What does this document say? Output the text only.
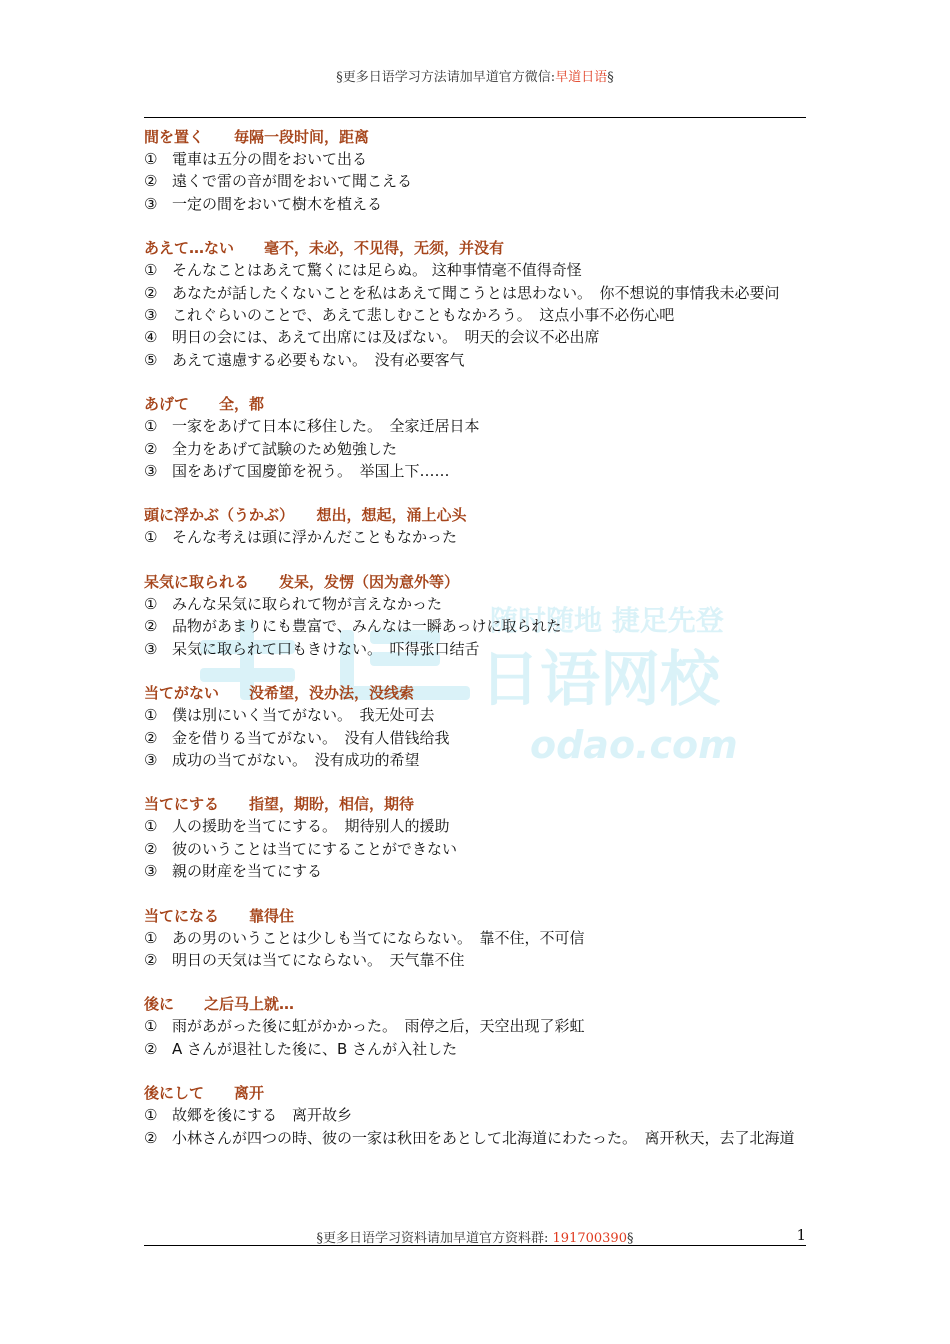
§更多日语学习方法请加早道官方微信:早道日语§
随时随地 捷足先登
日语网校
odao.com
間を置く　　毎隔一段时间，距离
① 電車は五分の間をおいて出る
② 遠くで雷の音が間をおいて聞こえる
③ 一定の間をおいて樹木を植える
あえて…ない　　毫不，未必，不见得，无须，并没有
① そんなことはあえて驚くには足らぬ。 这种事情毫不值得奇怪
② あなたが話したくないことを私はあえて聞こうとは思わない。　你不想说的事情我未必要问
③ これぐらいのことで、あえて悲しむこともなかろう。　这点小事不必伤心吧
④ 明日の会には、あえて出席には及ばない。　明天的会议不必出席
⑤ あえて遠慮する必要もない。　没有必要客气
あげて　　全，都
① 一家をあげて日本に移住した。　全家迁居日本
② 全力をあげて試験のため勉強した
③ 国をあげて国慶節を祝う。　举国上下……
頭に浮かぶ（うかぶ）　　想出，想起，涌上心头
① そんな考えは頭に浮かんだこともなかった
呆気に取られる　　发呆，发愣（因为意外等）
① みんな呆気に取られて物が言えなかった
② 品物があまりにも豊富で、みんなは一瞬あっけに取られた
③ 呆気に取られて口もきけない。　吓得张口结舌
当てがない　　没希望，没办法，没线索
① 僕は別にいく当てがない。　我无处可去
② 金を借りる当てがない。　没有人借钱给我
③ 成功の当てがない。　没有成功的希望
当てにする　　指望，期盼，相信，期待
① 人の援助を当てにする。　期待别人的援助
② 彼のいうことは当てにすることができない
③ 親の財産を当てにする
当てになる　　靠得住
① あの男のいうことは少しも当てにならない。　靠不住，不可信
② 明日の天気は当てにならない。　天气靠不住
後に　　之后马上就…
① 雨があがった後に虹がかかった。　雨停之后，天空出现了彩虹
② A さんが退社した後に、B さんが入社した
後にして　　离开
① 故郷を後にする　离开故乡
② 小林さんが四つの時、彼の一家は秋田をあとして北海道にわたった。　离开秋天，去了北海道
§更多日语学习资料请加早道官方资料群: 191700390§	1
